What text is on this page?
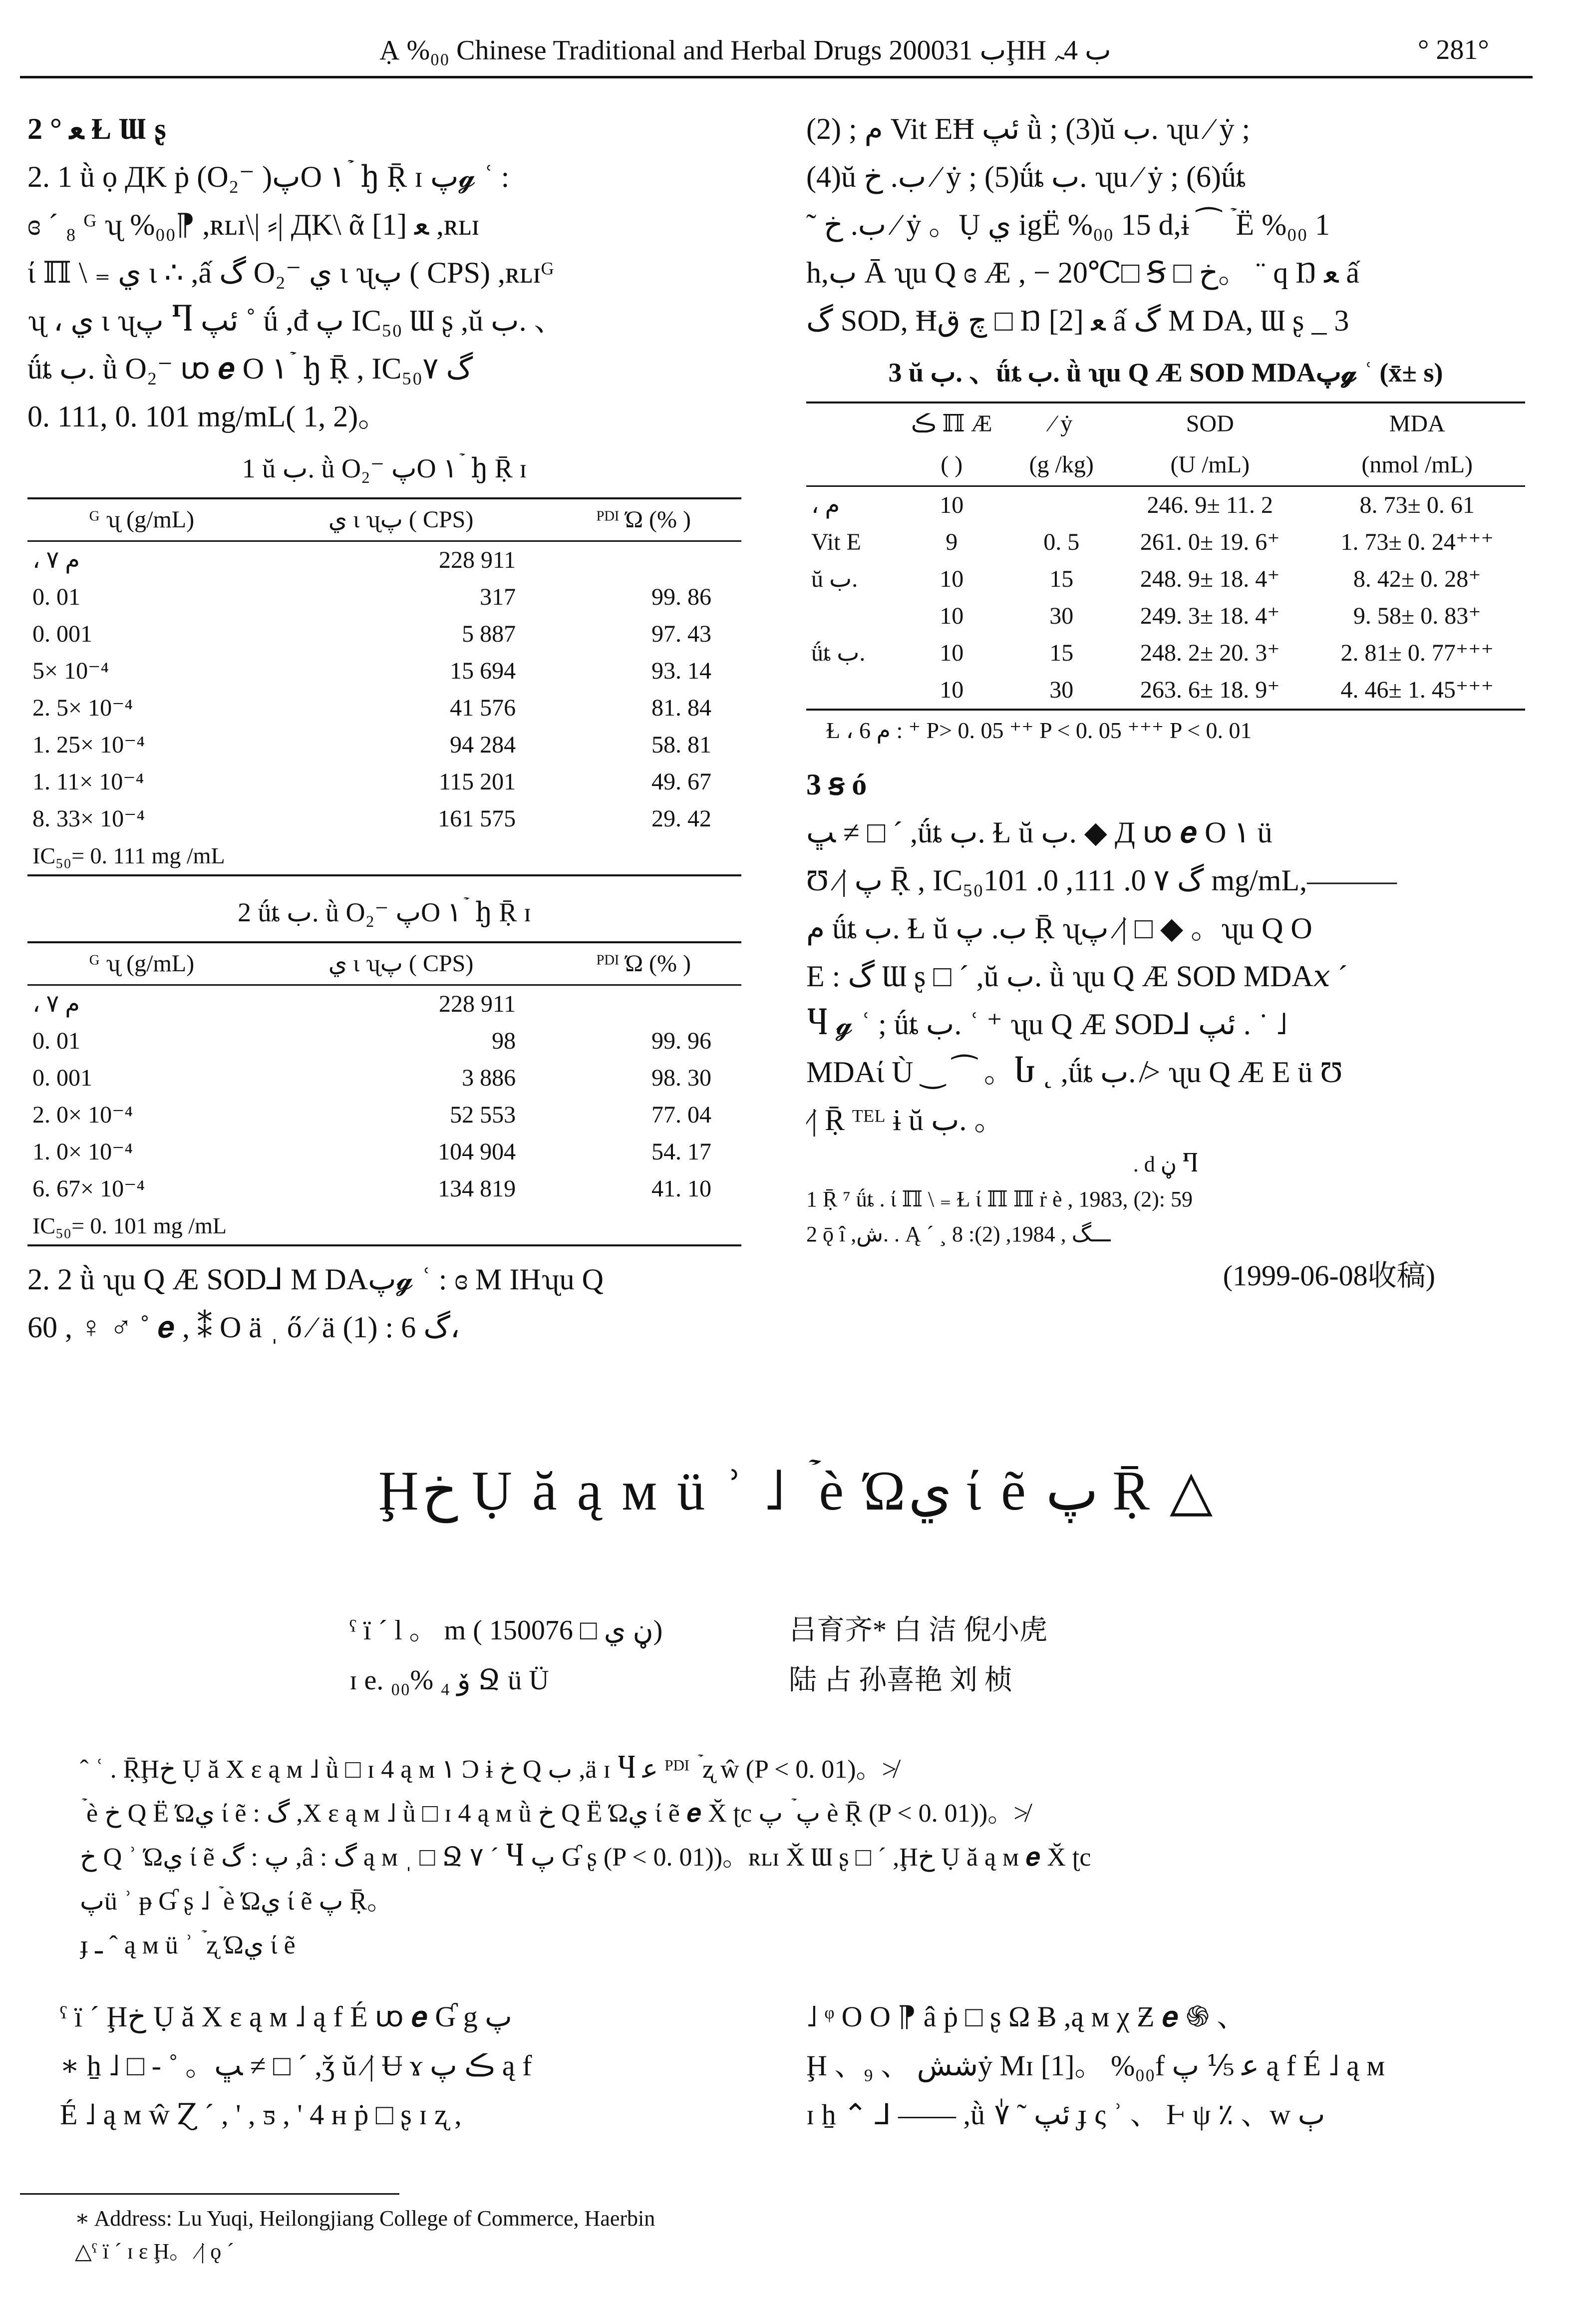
Ạ %₀₀ Chinese Traditional and Herbal Drugs 2000ب 31ḨH ب 4ﮧ	° 281°

2 ° ﻌ Ɫ Ɯ ʂ

2. 1 ǜ ọ ДK ṗ (O₂⁻ )پO ۱ ۡ ꜧ Ṝ ɪ پ𝓰 ʿ :

ɞ ´ ₈ ᴳ ʯ %₀₀⁋ ,ʀʟɪ\| ⸗| ДK\ ᾶ ﻌ [1] ,ʀʟɪ

ί ℿ \ ₌ ي ɩ ∴ ,ấ گ O₂⁻ ي ɩ ʯپ ( CPS) ,ʀʟɪᴳ

ʯ ، ي ɩ ʯپ Ⴄ ئپ ˚ ǘ ,đ پ IC₅₀ Ɯ ʂ ,ŭ ب. 、

ǘȶ ب. ǜ O₂⁻ ꭣ 𝒆 O ۱ ۡ ꜧ Ṝ , IC₅₀گ ۷

0. 111, 0. 101 mg/mL( 1, 2)。

1 ŭ ب. ǜ O₂⁻ پO ۱ ۡ ꜧ Ṝ ɪ
ᴳ ʯ (g/mL)	ي ɩ ʯپ ( CPS)	ᴾᴰᴵ Ώ (% )
، م ٧	228 911	
0. 01	317	99. 86
0. 001	5 887	97. 43
5× 10⁻⁴	15 694	93. 14
2. 5× 10⁻⁴	41 576	81. 84
1. 25× 10⁻⁴	94 284	58. 81
1. 11× 10⁻⁴	115 201	49. 67
8. 33× 10⁻⁴	161 575	29. 42
IC₅₀= 0. 111 mg /mL		
2 ǘȶ ب. ǜ O₂⁻ پO ۱ ۡ ꜧ Ṝ ɪ
ᴳ ʯ (g/mL)	ي ɩ ʯپ ( CPS)	ᴾᴰᴵ Ώ (% )
، م ٧	228 911	
0. 01	98	99. 96
0. 001	3 886	98. 30
2. 0× 10⁻⁴	52 553	77. 04
1. 0× 10⁻⁴	104 904	54. 17
6. 67× 10⁻⁴	134 819	41. 10
IC₅₀= 0. 101 mg /mL		

2. 2 ǜ ʯu Q Æ SOD⅃ M DAپ𝓰 ʿ : ɞ M IHʯu Q

60 , ♀ ♂ ˚ 𝒆 , ⁑ O ä ˌ ő ⁄ ä گ 6 : (1)،

م ; (2) Vit EĦ ئپ ǜ ; (3)ŭ ب. ʯu ⁄ ẏ ;

(4)ŭ ب. خ ⁄ ẏ ; (5)ǘȶ ب. ʯu ⁄ ẏ ; (6)ǘȶ

˜ ب. خ ⁄ ẏ 。Ụ ي igË %₀₀ 15 d,ɨ ⁀ ۡ Ë %₀₀ 1

h,ب Ā ʯu Q ɞ Æ , − 20℃□ Ꞩ □ خ。 ¨ q Ŋ ﻌ ấ

گ SOD, Ħچ ق □ Ŋ ﻌ [2] ấ گ M DA, Ɯ ʂ _ 3

3 ŭ ب. 、ǘȶ ب. ǜ ʯu Q Æ SOD MDAپ𝓰 ʿ (x̄± s)
	ڪ ℿ Æ	⁄ ẏ	SOD	MDA
	( )	(g /kg)	(U /mL)	(nmol /mL)
، م	10		246. 9± 11. 2	8. 73± 0. 61
Vit E	9	0. 5	261. 0± 19. 6⁺	1. 73± 0. 24⁺⁺⁺
ŭ ب.	10	15	248. 9± 18. 4⁺	8. 42± 0. 28⁺
	10	30	249. 3± 18. 4⁺	9. 58± 0. 83⁺
ǘȶ ب.	10	15	248. 2± 20. 3⁺	2. 81± 0. 77⁺⁺⁺
	10	30	263. 6± 18. 9⁺	4. 46± 1. 45⁺⁺⁺
Ɫ ، م 6 : ⁺ P> 0. 05 ⁺⁺ P < 0. 05 ⁺⁺⁺ P < 0. 01

3 ꞩ ó

ﭛ ≠ □ ´ ,ǘȶ ب. Ɫ ŭ ب. ◆ Д ꭣ 𝒆 O ۱ ü

Ʊ ⁄| پ Ṝ , IC₅₀گ ۷ 0. 111, 0. 101 mg/mL,———

ﻡ ǘȶ ب. Ɫ ŭ ب. پ Ṝ ʯپ ⁄| □ ◆ 。ʯu Q O

E : گ Ɯ ʂ □ ´ ,ŭ ب. ǜ ʯu Q Æ SOD MDA𝑥 ´

Ⴗ 𝓰 ʿ ; ǘȶ ب. ʿ ⁺ ʯu Q Æ SOD⅃ ئپ . ˙ ˩

MDAί Ù ‿ ⁀ 。Ⴑ ˛ ,ǘȶ ب. ≯ ʯu Q Æ E ü Ʊ

⁄| Ṝ ᵀᴱᴸ ɨ ŭ ب. 。

. d ڼ Ⴄ

1 Ṝ ⁷ ǘȶ . ί ℿ \ ₌ Ɫ ί ℿ ℿ ṙ è , 1983, (2): 59

2 ǭ î ,ش. . Ą ´ ¸ ـــگ , 1984, (2): 8

(1999-06-08收稿)
Ḩخ Ụ ă ą ᴍ ü ʾ ˩ ۡ è Ώي ί ẽ پ Ṝ △
ˤ ï ´ l 。 m ( ڼ ي □ 150076)	吕育齐* 白 洁 倪小虎
ɪ e. ۆ ₄ %₀₀ Ջ ü Ü	陆 占 孙喜艳 刘 桢

ˆ ʿ . ṜḨخ Ụ ă X ε ą ᴍ ˩ ǜ □ ɪ 4 ą ᴍ ۱ Ͻ ɨ خ Q ب ,ä ɪ Ⴗ ﻋ ᴾᴰᴵ ۡ ʐ ŵ (P < 0. 01)。≯

ۡ è خ Q Ë Ώي ί ẽ : گ ,X ε ą ᴍ ˩ ǜ □ ɪ 4 ą ᴍ ǜ خ Q Ë Ώي ί ẽ 𝒆 X̆ ʈc پ ۡ پ è Ṝ (P < 0. 01))。≯

خ Q ʾ Ώي ί ẽ پ : گ ,â : گ ą ᴍ ˌ □ Ջ ٧ ´ Ⴗ پ Ɠ ʂ (P < 0. 01))。ʀʟɪ X̆ Ɯ ʂ □ ´ ,Ḩخ Ụ ă ą ᴍ 𝒆 X̆ ʈc

پü ʾ ᵽ Ɠ ʂ ˩ ۡ è Ώي ί ẽ پ Ṝ。

ɟ ـ ˆ ą ᴍ ü ʾ ۡ ʐ Ώي ί ẽ

ˤ ï ´ Ḩخ Ụ ă X ε ą ᴍ ˩ ą f É ꭣ 𝒆 Ɠ g پ

∗ ẖ ˩ □ - ˚ 。ﭛ ≠ □ ´ ,ǯ ŭ ⁄| Ʉ ɤ ڪ پ ą f

É ˩ ą ᴍ ŵ Ɀ ´ , ' , ƽ , ' 4 ʜ ṗ □ ʂ ɪ ʐ ,

˩ ᵠ O O ⁋ â ṗ □ ʂ Ω Ƀ ,ą ᴍ χ Ƶ 𝒆 ֍ 、

Ḩ 、₉ 、 ششẏ Mɪ [1]。 %₀₀f ﻋ ⅕ پ ą f É ˩ ą ᴍ

ɪ ẖ ⌃ ⅃ —— ,ǜ ٰ۷ ˜ ئپ ɟ ς ʾ 、 Ⱶ ψ ٪ 、w ٻ

∗ Address: Lu Yuqi, Heilongjiang College of Commerce, Haerbin

△ˤ ï ´ ɪ ε Ḩ。 ⁄| ǫ ´
